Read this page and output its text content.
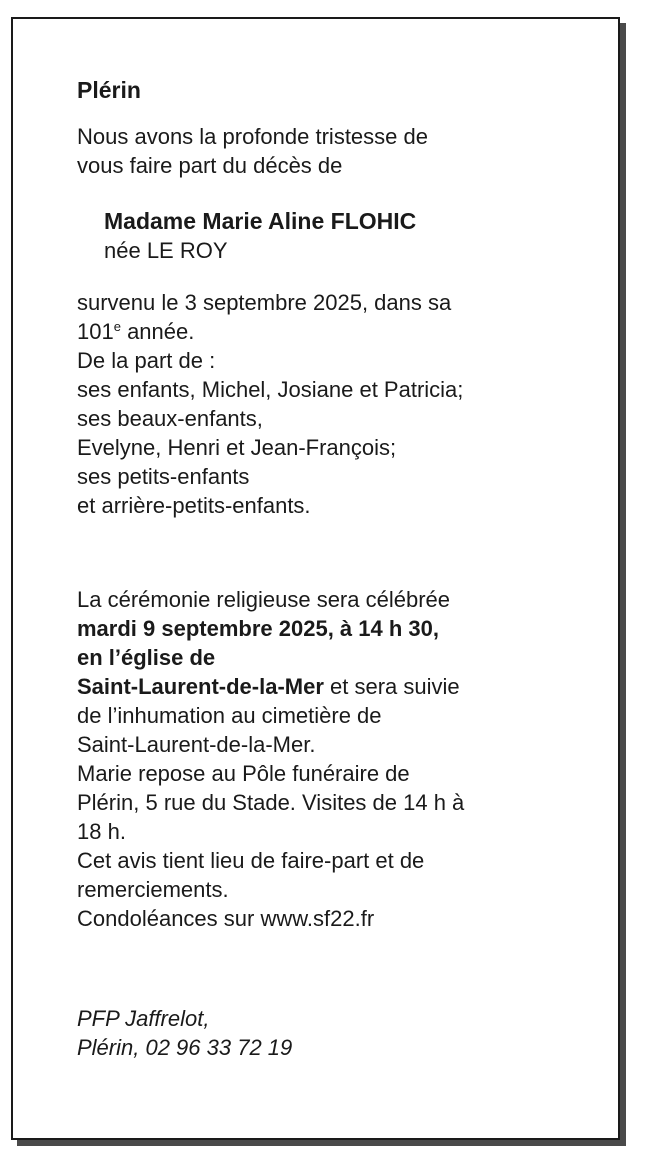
Plérin
Nous avons la profonde tristesse de
vous faire part du décès de
Madame Marie Aline FLOHIC
née LE ROY
survenu le 3 septembre 2025, dans sa
101e année.
De la part de :
ses enfants, Michel, Josiane et Patricia;
ses beaux-enfants,
Evelyne, Henri et Jean-François;
ses petits-enfants
et arrière-petits-enfants.
La cérémonie religieuse sera célébrée
mardi 9 septembre 2025, à 14 h 30,
en l’église de
Saint-Laurent-de-la-Mer et sera suivie
de l’inhumation au cimetière de
Saint-Laurent-de-la-Mer.
Marie repose au Pôle funéraire de
Plérin, 5 rue du Stade. Visites de 14 h à
18 h.
Cet avis tient lieu de faire-part et de
remerciements.
Condoléances sur www.sf22.fr
PFP Jaffrelot,
Plérin, 02 96 33 72 19
